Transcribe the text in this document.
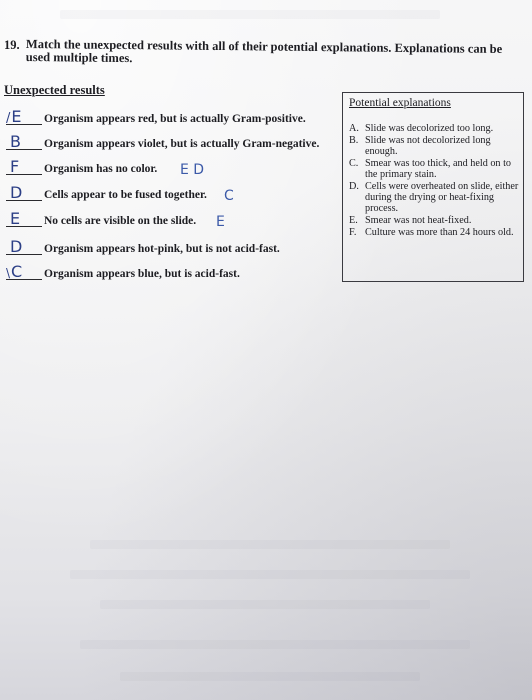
19. Match the unexpected results with all of their potential explanations. Explanations can be used multiple times.
Unexpected results
/E Organism appears red, but is actually Gram-positive.
B Organism appears violet, but is actually Gram-negative.
F Organism has no color. E D
D Cells appear to be fused together. C
E No cells are visible on the slide. E
D Organism appears hot-pink, but is not acid-fast.
\C Organism appears blue, but is acid-fast.
Potential explanations
A. Slide was decolorized too long.
B. Slide was not decolorized long enough.
C. Smear was too thick, and held on to the primary stain.
D. Cells were overheated on slide, either during the drying or heat-fixing process.
E. Smear was not heat-fixed.
F. Culture was more than 24 hours old.
